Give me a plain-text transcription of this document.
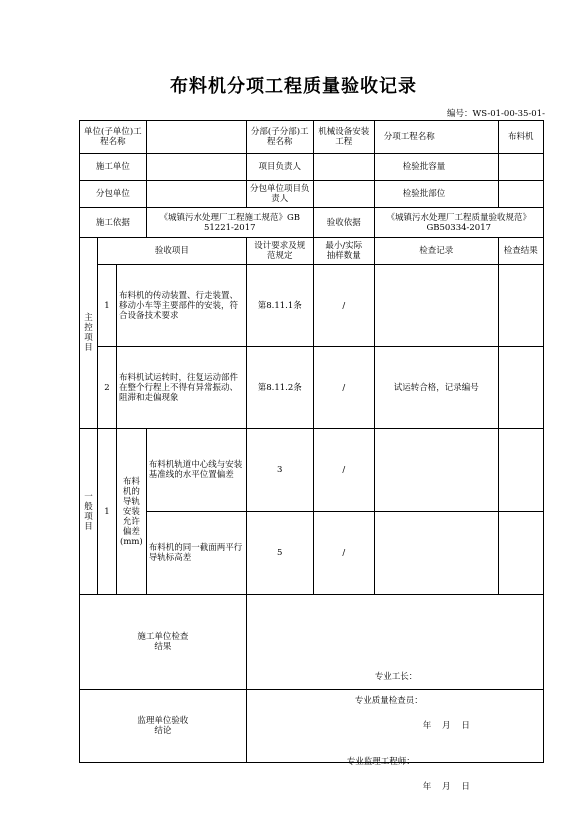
布料机分项工程质量验收记录
编号：WS-01-00-35-01-
单位(子单位)工程名称				分部(子分部)工程名称	机械设备安装工程	分项工程名称	布料机
施工单位				项目负责人		检验批容量	
分包单位				分包单位项目负责人		检验批部位	
施工依据			《城镇污水处理厂工程施工规范》GB 51221-2017		验收依据	《城镇污水处理厂工程质量验收规范》GB50334-2017	
主控项目	验收项目			设计要求及规范规定	最小/实际抽样数量	检查记录	检查结果
	1	布料机的传动装置、行走装置、移动小车等主要部件的安装，符合设备技术要求		第8.11.1条	/		
	2	布料机试运转时，往复运动部件在整个行程上不得有异常振动、阻滞和走偏现象		第8.11.2条	/	试运转合格，记录编号	
一般项目	1	布料机的导轨安装允许偏差(mm)	布料机轨道中心线与安装基准线的水平位置偏差	3	/		
			布料机的同一截面两平行导轨标高差	5	/		
施工单位检查结果				专业工长：
专业质量检查员：
年    月    日			

监理单位验收结论				专业监理工程师：
年    月    日			
